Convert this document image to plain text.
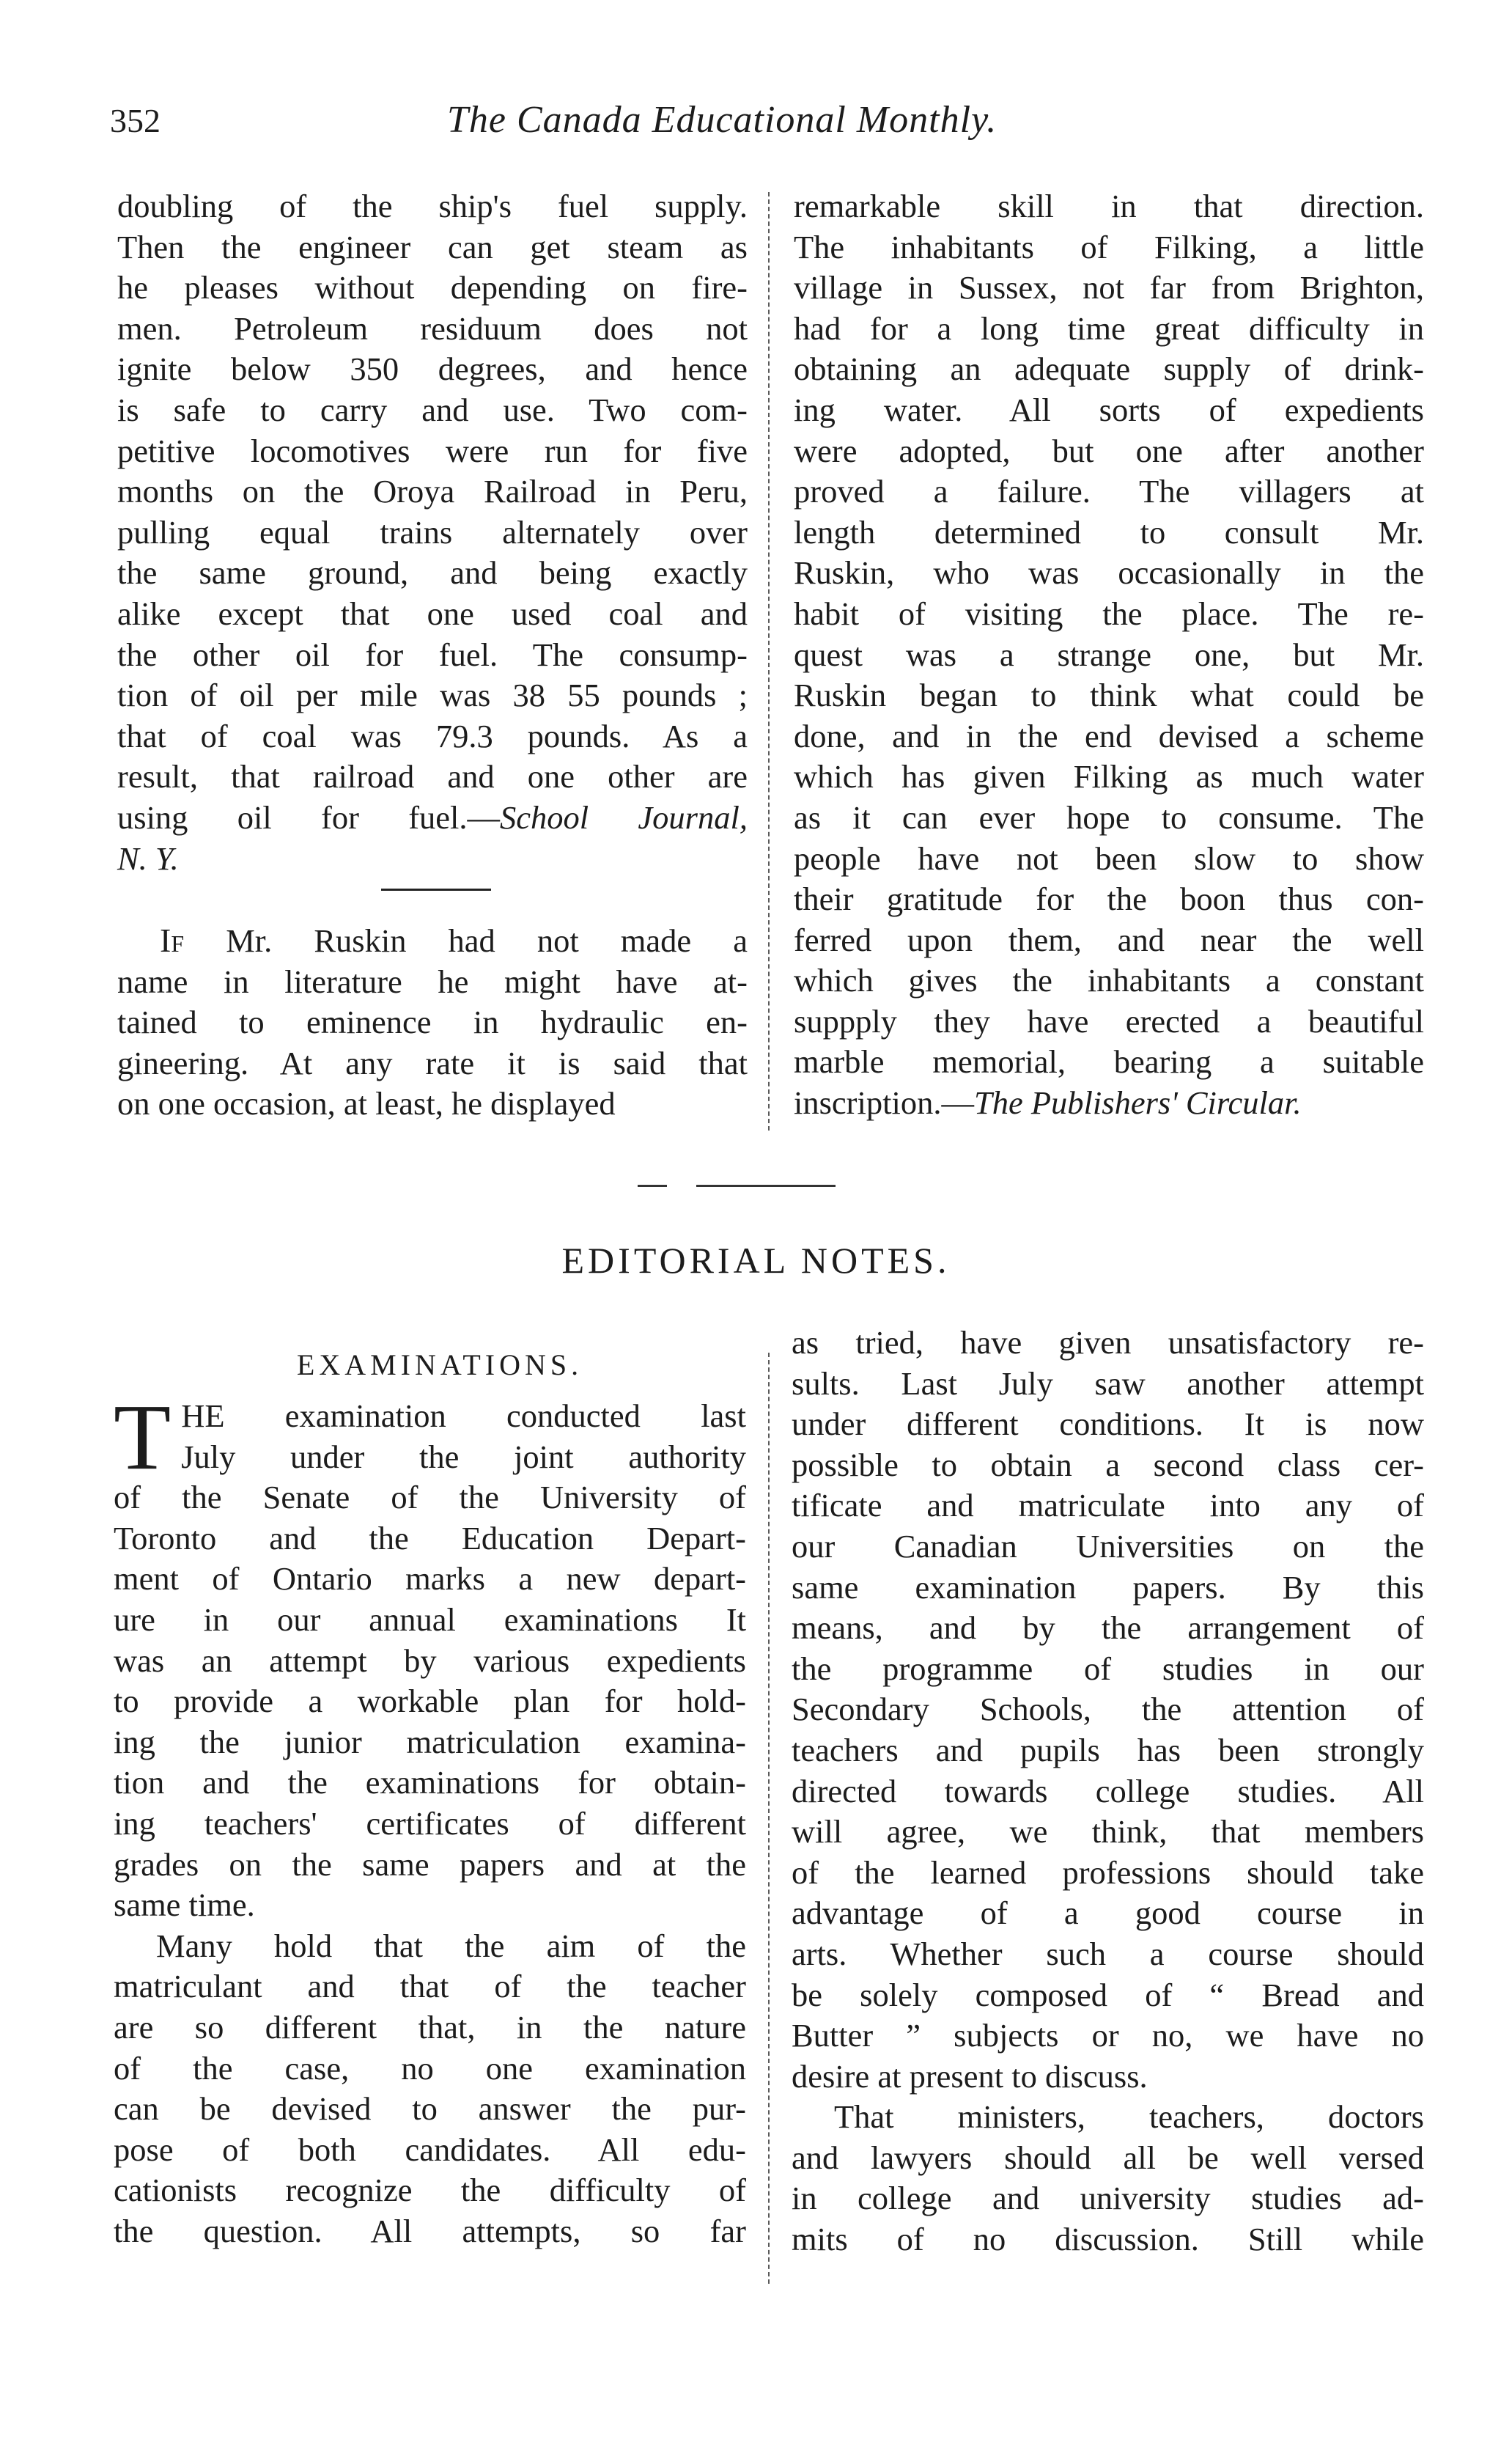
352	The Canada Educational Monthly.
doubling of the ship's fuel supply.
Then the engineer can get steam as
he pleases without depending on fire-
men. Petroleum residuum does not
ignite below 350 degrees, and hence
is safe to carry and use. Two com-
petitive locomotives were run for five
months on the Oroya Railroad in Peru,
pulling equal trains alternately over
the same ground, and being exactly
alike except that one used coal and
the other oil for fuel. The consump-
tion of oil per mile was 38 55 pounds ;
that of coal was 79.3 pounds. As a
result, that railroad and one other are
using oil for fuel.—School Journal,
N. Y.
If Mr. Ruskin had not made a
name in literature he might have at-
tained to eminence in hydraulic en-
gineering. At any rate it is said that
on one occasion, at least, he displayed
remarkable skill in that direction.
The inhabitants of Filking, a little
village in Sussex, not far from Brighton,
had for a long time great difficulty in
obtaining an adequate supply of drink-
ing water. All sorts of expedients
were adopted, but one after another
proved a failure. The villagers at
length determined to consult Mr.
Ruskin, who was occasionally in the
habit of visiting the place. The re-
quest was a strange one, but Mr.
Ruskin began to think what could be
done, and in the end devised a scheme
which has given Filking as much water
as it can ever hope to consume. The
people have not been slow to show
their gratitude for the boon thus con-
ferred upon them, and near the well
which gives the inhabitants a constant
suppply they have erected a beautiful
marble memorial, bearing a suitable
inscription.—The Publishers' Circular.
EDITORIAL NOTES.
EXAMINATIONS.
T HE examination conducted last
July under the joint authority
of the Senate of the University of
Toronto and the Education Depart-
ment of Ontario marks a new depart-
ure in our annual examinations It
was an attempt by various expedients
to provide a workable plan for hold-
ing the junior matriculation examina-
tion and the examinations for obtain-
ing teachers' certificates of different
grades on the same papers and at the
same time.
Many hold that the aim of the
matriculant and that of the teacher
are so different that, in the nature
of the case, no one examination
can be devised to answer the pur-
pose of both candidates. All edu-
cationists recognize the difficulty of
the question. All attempts, so far
as tried, have given unsatisfactory re-
sults. Last July saw another attempt
under different conditions. It is now
possible to obtain a second class cer-
tificate and matriculate into any of
our Canadian Universities on the
same examination papers. By this
means, and by the arrangement of
the programme of studies in our
Secondary Schools, the attention of
teachers and pupils has been strongly
directed towards college studies. All
will agree, we think, that members
of the learned professions should take
advantage of a good course in
arts. Whether such a course should
be solely composed of “ Bread and
Butter ” subjects or no, we have no
desire at present to discuss.
That ministers, teachers, doctors
and lawyers should all be well versed
in college and university studies ad-
mits of no discussion. Still while
